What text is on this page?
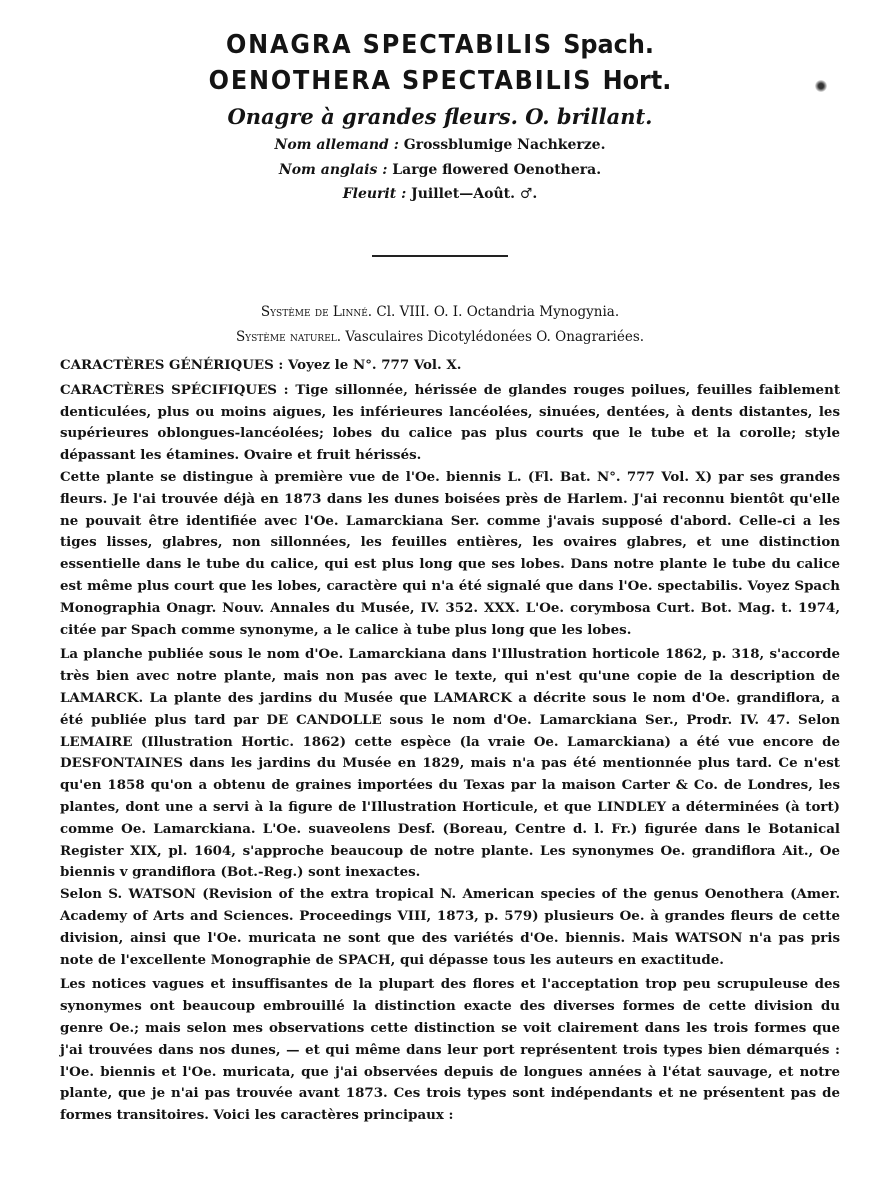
ONAGRA SPECTABILIS Spach.
OENOTHERA SPECTABILIS Hort.
Onagre à grandes fleurs. O. brillant.
Nom allemand : Grossblumige Nachkerze.
Nom anglais : Large flowered Oenothera.
Fleurit : Juillet—Août. ♂.
Système de Linné. Cl. VIII. O. I. Octandria Mynogynia.
Système naturel. Vasculaires Dicotylédonées O. Onagrariées.

CARACTÈRES GÉNÉRIQUES : Voyez le N°. 777 Vol. X.

CARACTÈRES SPÉCIFIQUES : Tige sillonnée, hérissée de glandes rouges poilues, feuilles faiblement denticulées, plus ou moins aigues, les inférieures lancéolées, sinuées, dentées, à dents distantes, les supérieures oblongues-lancéolées; lobes du calice pas plus courts que le tube et la corolle; style dépassant les étamines. Ovaire et fruit hérissés.

Cette plante se distingue à première vue de l'Oe. biennis L. (Fl. Bat. N°. 777 Vol. X) par ses grandes fleurs. Je l'ai trouvée déjà en 1873 dans les dunes boisées près de Harlem. J'ai reconnu bientôt qu'elle ne pouvait être identifiée avec l'Oe. Lamarckiana Ser. comme j'avais supposé d'abord. Celle-ci a les tiges lisses, glabres, non sillonnées, les feuilles entières, les ovaires glabres, et une distinction essentielle dans le tube du calice, qui est plus long que ses lobes. Dans notre plante le tube du calice est même plus court que les lobes, caractère qui n'a été signalé que dans l'Oe. spectabilis. Voyez Spach Monographia Onagr. Nouv. Annales du Musée, IV. 352. XXX. L'Oe. corymbosa Curt. Bot. Mag. t. 1974, citée par Spach comme synonyme, a le calice à tube plus long que les lobes.

La planche publiée sous le nom d'Oe. Lamarckiana dans l'Illustration horticole 1862, p. 318, s'accorde très bien avec notre plante, mais non pas avec le texte, qui n'est qu'une copie de la description de LAMARCK. La plante des jardins du Musée que LAMARCK a décrite sous le nom d'Oe. grandiflora, a été publiée plus tard par DE CANDOLLE sous le nom d'Oe. Lamarckiana Ser., Prodr. IV. 47. Selon LEMAIRE (Illustration Hortic. 1862) cette espèce (la vraie Oe. Lamarckiana) a été vue encore de DESFONTAINES dans les jardins du Musée en 1829, mais n'a pas été mentionnée plus tard. Ce n'est qu'en 1858 qu'on a obtenu de graines importées du Texas par la maison Carter & Co. de Londres, les plantes, dont une a servi à la figure de l'Illustration Horticule, et que LINDLEY a déterminées (à tort) comme Oe. Lamarckiana. L'Oe. suaveolens Desf. (Boreau, Centre d. l. Fr.) figurée dans le Botanical Register XIX, pl. 1604, s'approche beaucoup de notre plante. Les synonymes Oe. grandiflora Ait., Oe biennis v grandiflora (Bot.-Reg.) sont inexactes.

Selon S. WATSON (Revision of the extra tropical N. American species of the genus Oenothera (Amer. Academy of Arts and Sciences. Proceedings VIII, 1873, p. 579) plusieurs Oe. à grandes fleurs de cette division, ainsi que l'Oe. muricata ne sont que des variétés d'Oe. biennis. Mais WATSON n'a pas pris note de l'excellente Monographie de SPACH, qui dépasse tous les auteurs en exactitude.

Les notices vagues et insuffisantes de la plupart des flores et l'acceptation trop peu scrupuleuse des synonymes ont beaucoup embrouillé la distinction exacte des diverses formes de cette division du genre Oe.; mais selon mes observations cette distinction se voit clairement dans les trois formes que j'ai trouvées dans nos dunes, — et qui même dans leur port représentent trois types bien démarqués : l'Oe. biennis et l'Oe. muricata, que j'ai observées depuis de longues années à l'état sauvage, et notre plante, que je n'ai pas trouvée avant 1873. Ces trois types sont indépendants et ne présentent pas de formes transitoires. Voici les caractères principaux :
